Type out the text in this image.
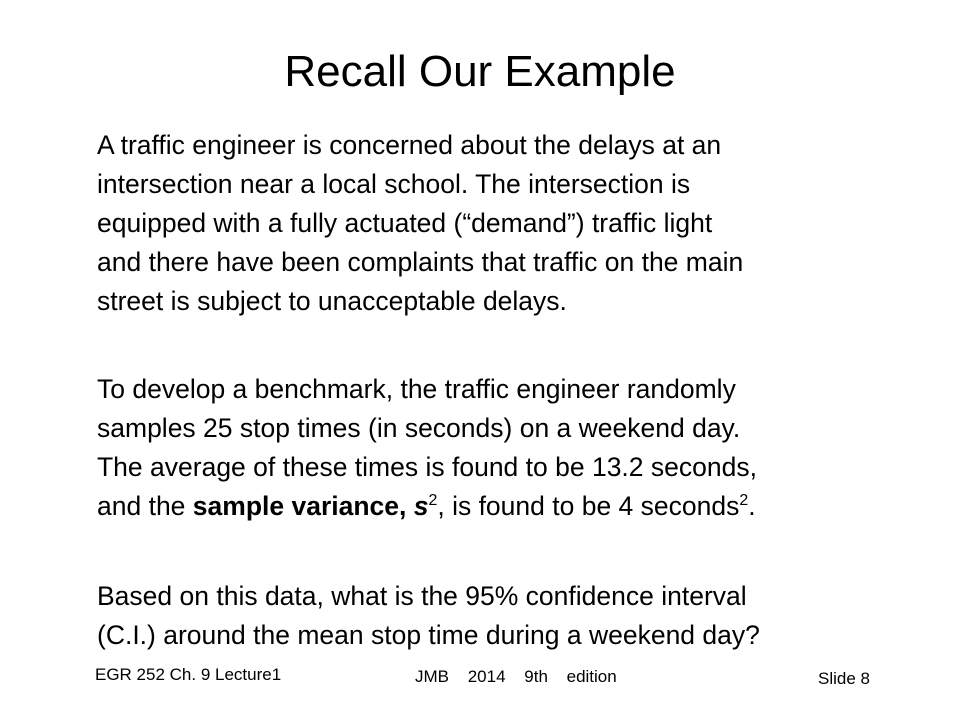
Recall Our Example

A traffic engineer is concerned about the delays at an
intersection near a local school. The intersection is
equipped with a fully actuated (“demand”) traffic light
and there have been complaints that traffic on the main
street is subject to unacceptable delays.

To develop a benchmark, the traffic engineer randomly
samples 25 stop times (in seconds) on a weekend day.
The average of these times is found to be 13.2 seconds,
and the sample variance, $s^2$, is found to be 4 seconds$^2$.

Based on this data, what is the 95% confidence interval
(C.I.) around the mean stop time during a weekend day?

EGR 252 Ch. 9 Lecture1	JMB 2014 9th edition	Slide 8
